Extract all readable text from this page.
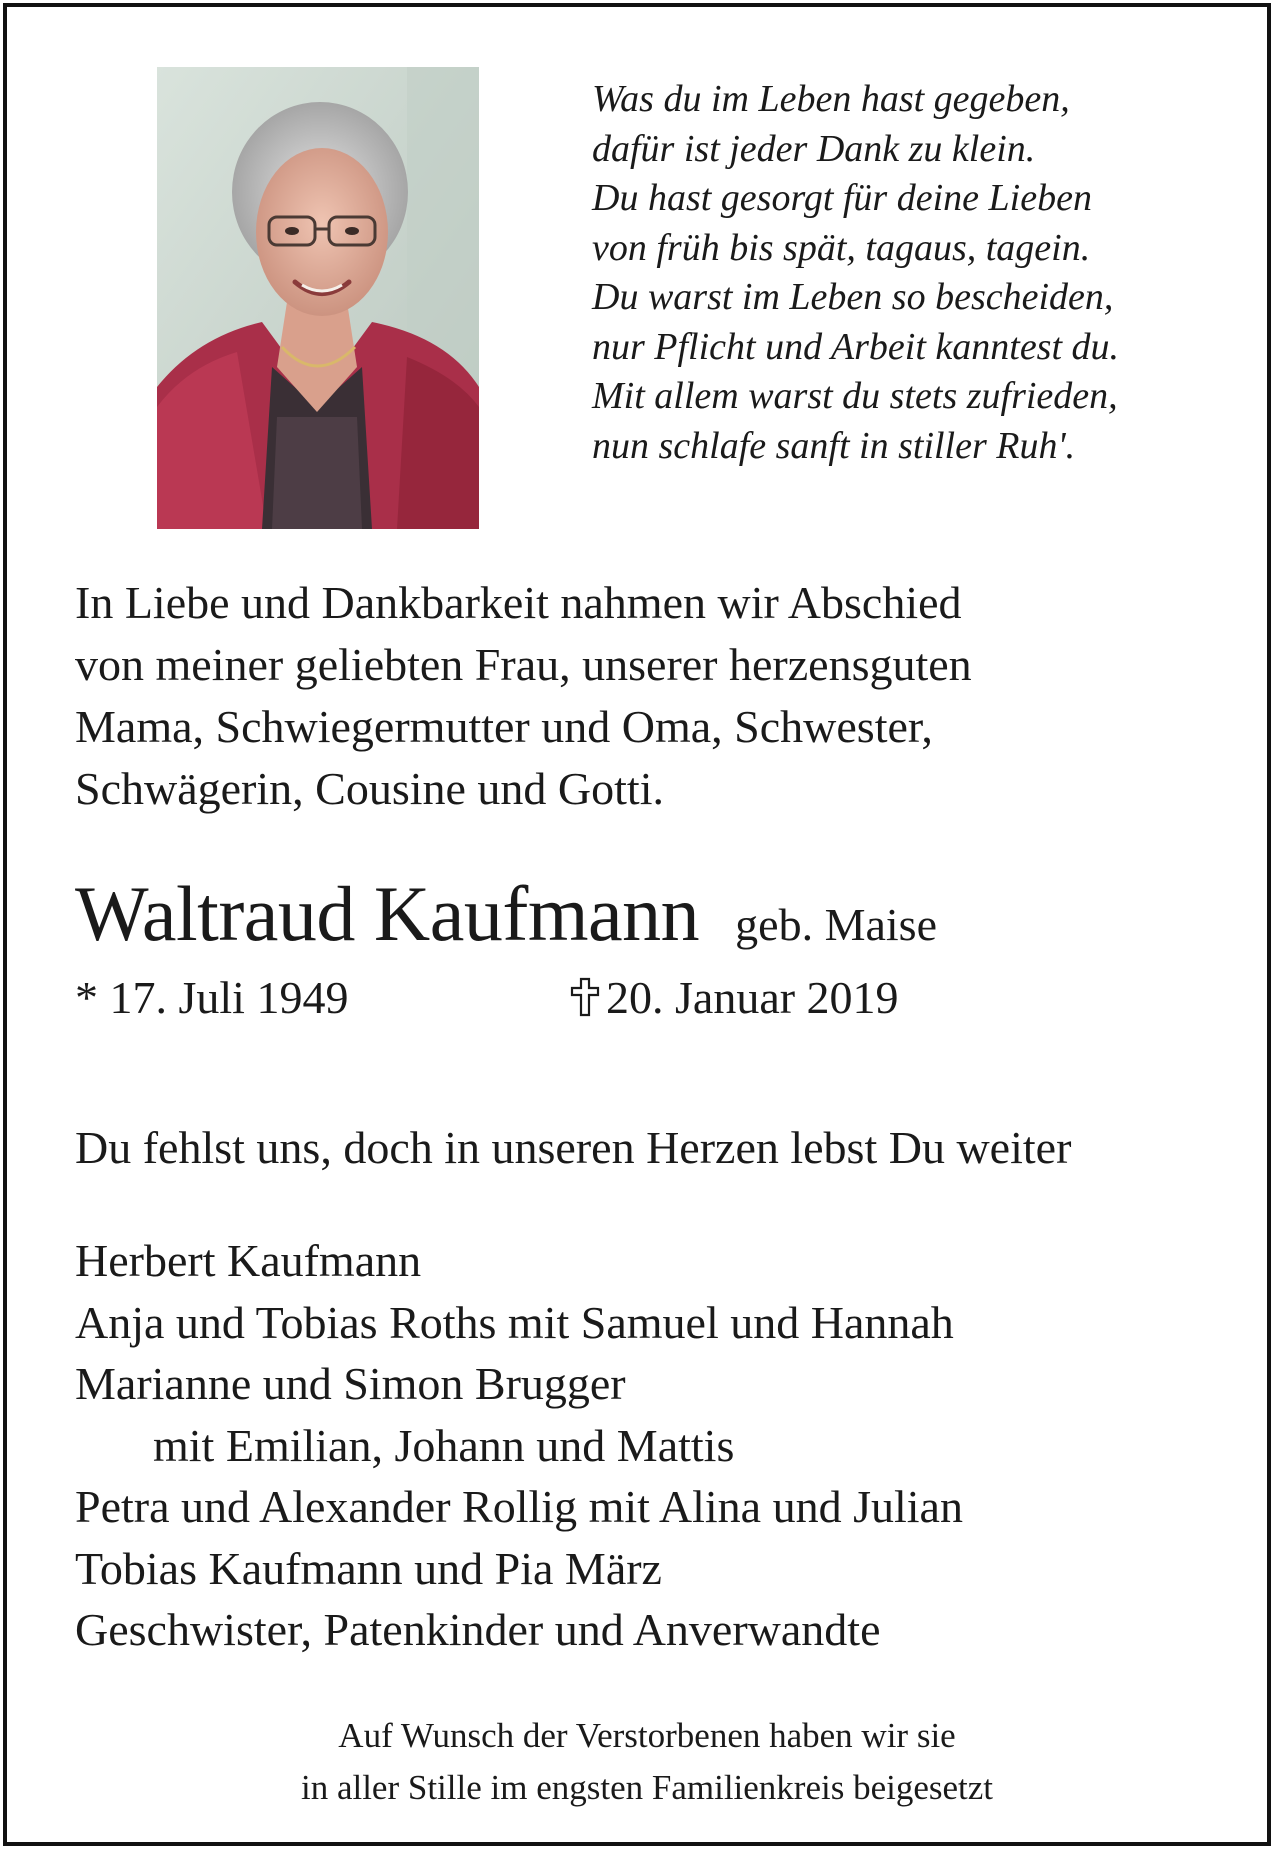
Was du im Leben hast gegeben,
dafür ist jeder Dank zu klein.
Du hast gesorgt für deine Lieben
von früh bis spät, tagaus, tagein.
Du warst im Leben so bescheiden,
nur Pflicht und Arbeit kanntest du.
Mit allem warst du stets zufrieden,
nun schlafe sanft in stiller Ruh'.
In Liebe und Dankbarkeit nahmen wir Abschied
von meiner geliebten Frau, unserer herzensguten
Mama, Schwiegermutter und Oma, Schwester,
Schwägerin, Cousine und Gotti.
Waltraud Kaufmann geb. Maise
* 17. Juli 1949	20. Januar 2019
Du fehlst uns, doch in unseren Herzen lebst Du weiter
Herbert Kaufmann
Anja und Tobias Roths mit Samuel und Hannah
Marianne und Simon Brugger
mit Emilian, Johann und Mattis
Petra und Alexander Rollig mit Alina und Julian
Tobias Kaufmann und Pia März
Geschwister, Patenkinder und Anverwandte
Auf Wunsch der Verstorbenen haben wir sie
in aller Stille im engsten Familienkreis beigesetzt
